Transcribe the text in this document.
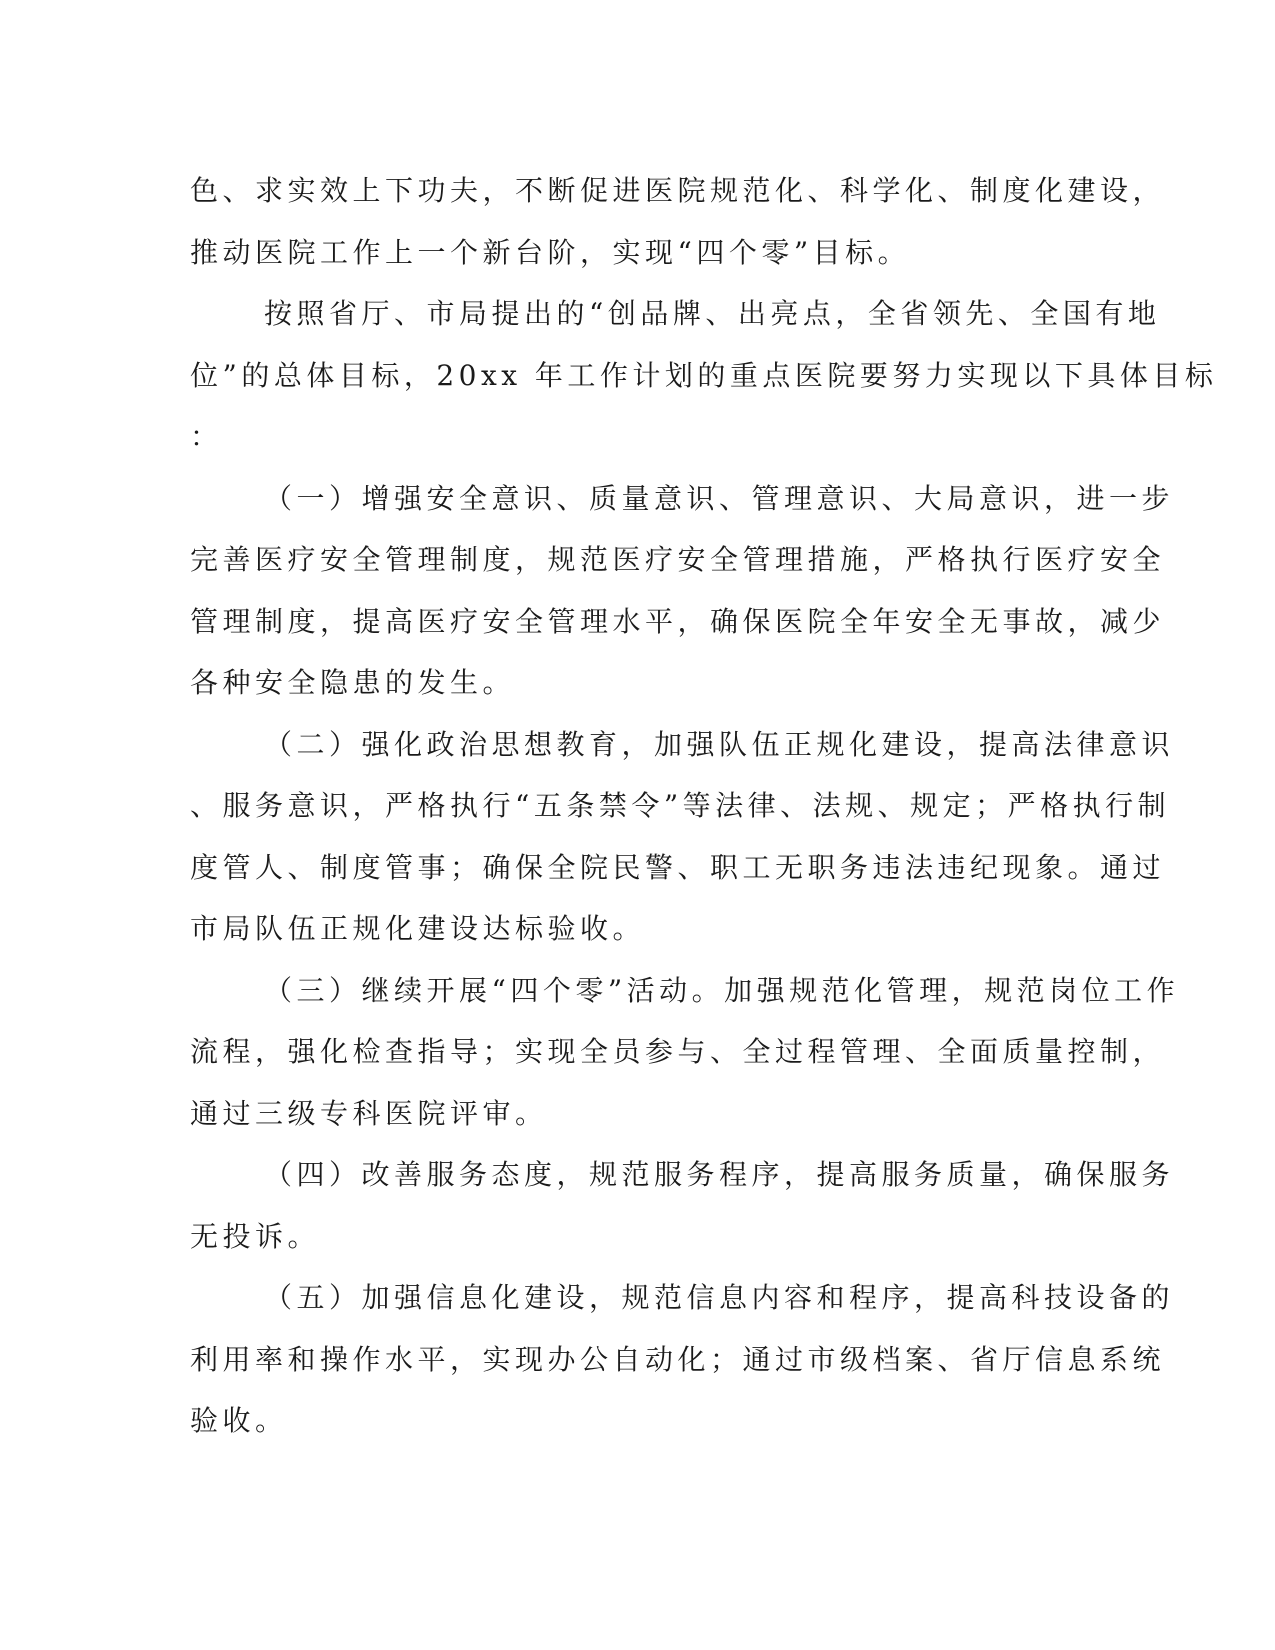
色、求实效上下功夫，不断促进医院规范化、科学化、制度化建设，
推动医院工作上一个新台阶，实现“四个零”目标。
按照省厅、市局提出的“创品牌、出亮点，全省领先、全国有地
位”的总体目标，20xx 年工作计划的重点医院要努力实现以下具体目标
：
（一）增强安全意识、质量意识、管理意识、大局意识，进一步
完善医疗安全管理制度，规范医疗安全管理措施，严格执行医疗安全
管理制度，提高医疗安全管理水平，确保医院全年安全无事故，减少
各种安全隐患的发生。
（二）强化政治思想教育，加强队伍正规化建设，提高法律意识
、服务意识，严格执行“五条禁令”等法律、法规、规定；严格执行制
度管人、制度管事；确保全院民警、职工无职务违法违纪现象。通过
市局队伍正规化建设达标验收。
（三）继续开展“四个零”活动。加强规范化管理，规范岗位工作
流程，强化检查指导；实现全员参与、全过程管理、全面质量控制，
通过三级专科医院评审。
（四）改善服务态度，规范服务程序，提高服务质量，确保服务
无投诉。
（五）加强信息化建设，规范信息内容和程序，提高科技设备的
利用率和操作水平，实现办公自动化；通过市级档案、省厅信息系统
验收。
